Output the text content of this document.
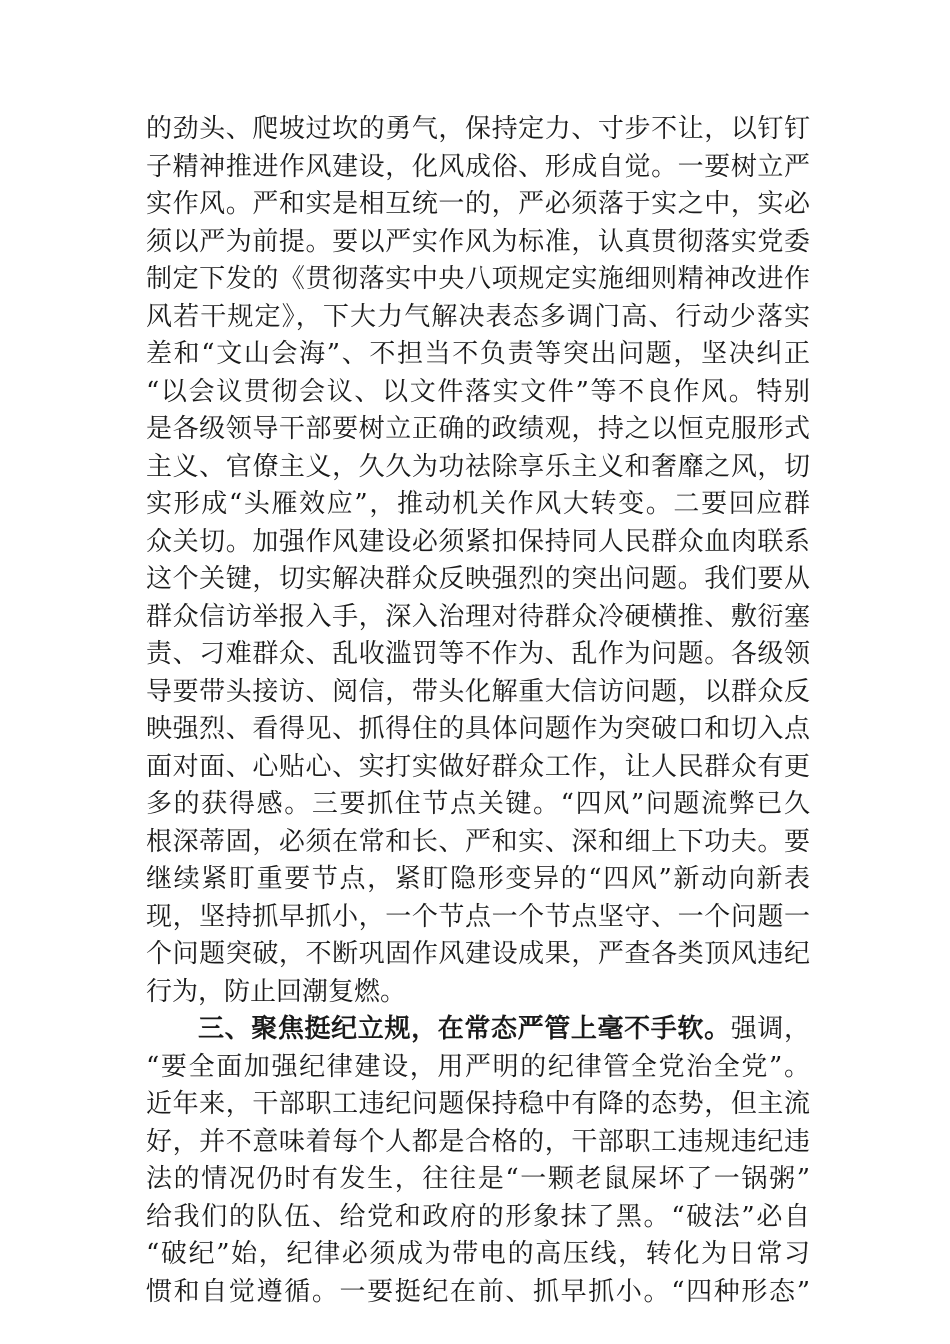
的劲头、爬坡过坎的勇气，保持定力、寸步不让，以钉钉
子精神推进作风建设，化风成俗、形成自觉。一要树立严
实作风。严和实是相互统一的，严必须落于实之中，实必
须以严为前提。要以严实作风为标准，认真贯彻落实党委
制定下发的《贯彻落实中央八项规定实施细则精神改进作
风若干规定》，下大力气解决表态多调门高、行动少落实
差和“文山会海”、不担当不负责等突出问题，坚决纠正
“以会议贯彻会议、以文件落实文件”等不良作风。特别
是各级领导干部要树立正确的政绩观，持之以恒克服形式
主义、官僚主义，久久为功祛除享乐主义和奢靡之风，切
实形成“头雁效应”，推动机关作风大转变。二要回应群
众关切。加强作风建设必须紧扣保持同人民群众血肉联系
这个关键，切实解决群众反映强烈的突出问题。我们要从
群众信访举报入手，深入治理对待群众冷硬横推、敷衍塞
责、刁难群众、乱收滥罚等不作为、乱作为问题。各级领
导要带头接访、阅信，带头化解重大信访问题，以群众反
映强烈、看得见、抓得住的具体问题作为突破口和切入点
面对面、心贴心、实打实做好群众工作，让人民群众有更
多的获得感。三要抓住节点关键。“四风”问题流弊已久
根深蒂固，必须在常和长、严和实、深和细上下功夫。要
继续紧盯重要节点，紧盯隐形变异的“四风”新动向新表
现，坚持抓早抓小，一个节点一个节点坚守、一个问题一
个问题突破，不断巩固作风建设成果，严查各类顶风违纪
行为，防止回潮复燃。
三、聚焦挺纪立规，在常态严管上毫不手软。强调，
“要全面加强纪律建设，用严明的纪律管全党治全党”。
近年来，干部职工违纪问题保持稳中有降的态势，但主流
好，并不意味着每个人都是合格的，干部职工违规违纪违
法的情况仍时有发生，往往是“一颗老鼠屎坏了一锅粥”
给我们的队伍、给党和政府的形象抹了黑。“破法”必自
“破纪”始，纪律必须成为带电的高压线，转化为日常习
惯和自觉遵循。一要挺纪在前、抓早抓小。“四种形态”
